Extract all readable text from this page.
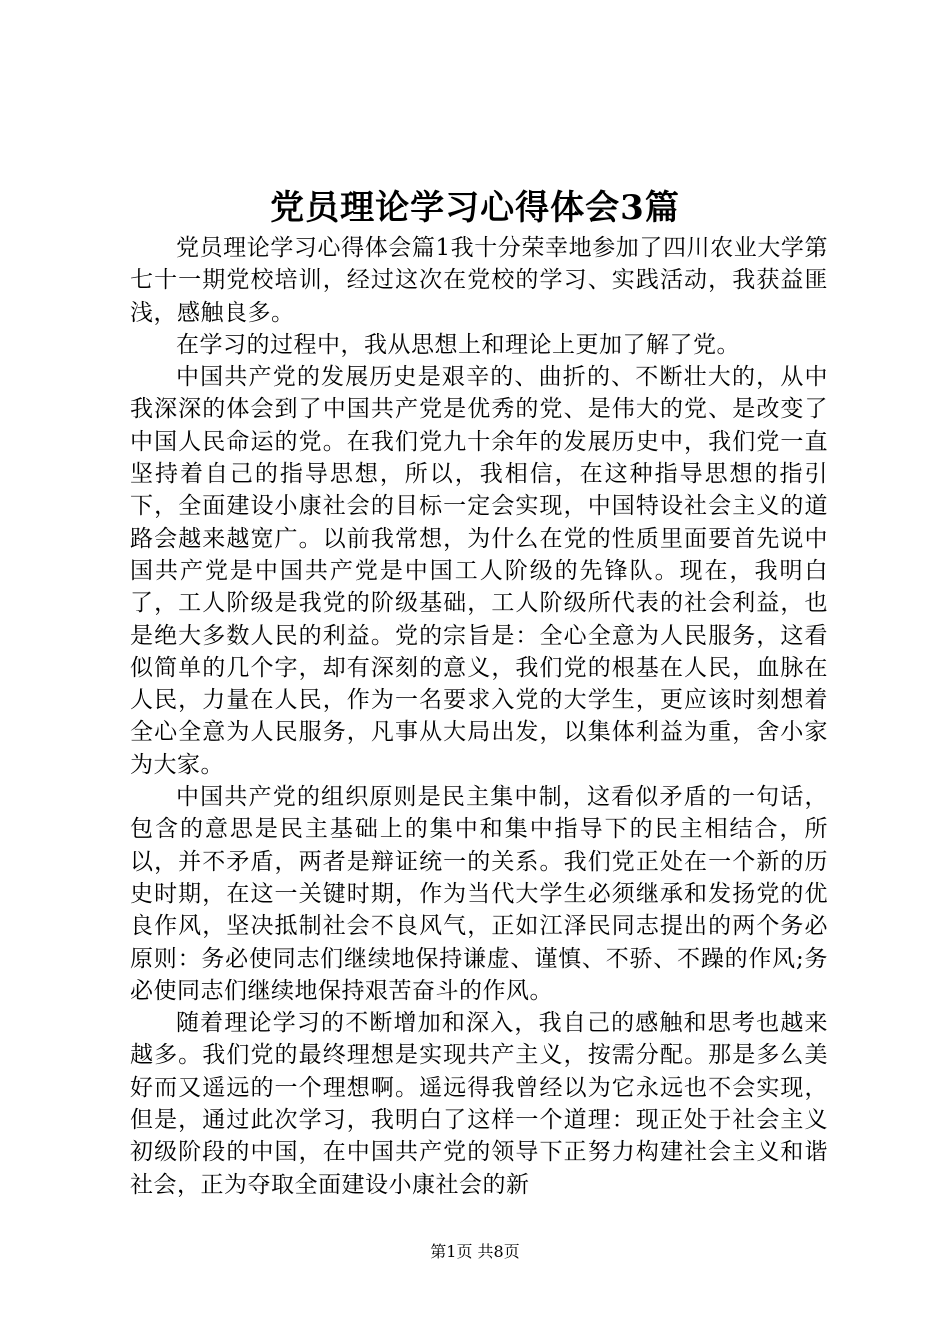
党员理论学习心得体会3篇

党员理论学习心得体会篇1我十分荣幸地参加了四川农业大学第七十一期党校培训，经过这次在党校的学习、实践活动，我获益匪浅，感触良多。

在学习的过程中，我从思想上和理论上更加了解了党。

中国共产党的发展历史是艰辛的、曲折的、不断壮大的，从中我深深的体会到了中国共产党是优秀的党、是伟大的党、是改变了中国人民命运的党。在我们党九十余年的发展历史中，我们党一直坚持着自己的指导思想，所以，我相信，在这种指导思想的指引下，全面建设小康社会的目标一定会实现，中国特设社会主义的道路会越来越宽广。以前我常想，为什么在党的性质里面要首先说中国共产党是中国共产党是中国工人阶级的先锋队。现在，我明白了，工人阶级是我党的阶级基础，工人阶级所代表的社会利益，也是绝大多数人民的利益。党的宗旨是：全心全意为人民服务，这看似简单的几个字，却有深刻的意义，我们党的根基在人民，血脉在人民，力量在人民，作为一名要求入党的大学生，更应该时刻想着全心全意为人民服务，凡事从大局出发，以集体利益为重，舍小家为大家。

中国共产党的组织原则是民主集中制，这看似矛盾的一句话，包含的意思是民主基础上的集中和集中指导下的民主相结合，所以，并不矛盾，两者是辩证统一的关系。我们党正处在一个新的历史时期，在这一关键时期，作为当代大学生必须继承和发扬党的优良作风，坚决抵制社会不良风气，正如江泽民同志提出的两个务必原则：务必使同志们继续地保持谦虚、谨慎、不骄、不躁的作风;务必使同志们继续地保持艰苦奋斗的作风。

随着理论学习的不断增加和深入，我自己的感触和思考也越来越多。我们党的最终理想是实现共产主义，按需分配。那是多么美好而又遥远的一个理想啊。遥远得我曾经以为它永远也不会实现，但是，通过此次学习，我明白了这样一个道理：现正处于社会主义初级阶段的中国，在中国共产党的领导下正努力构建社会主义和谐社会，正为夺取全面建设小康社会的新

第1页 共8页
